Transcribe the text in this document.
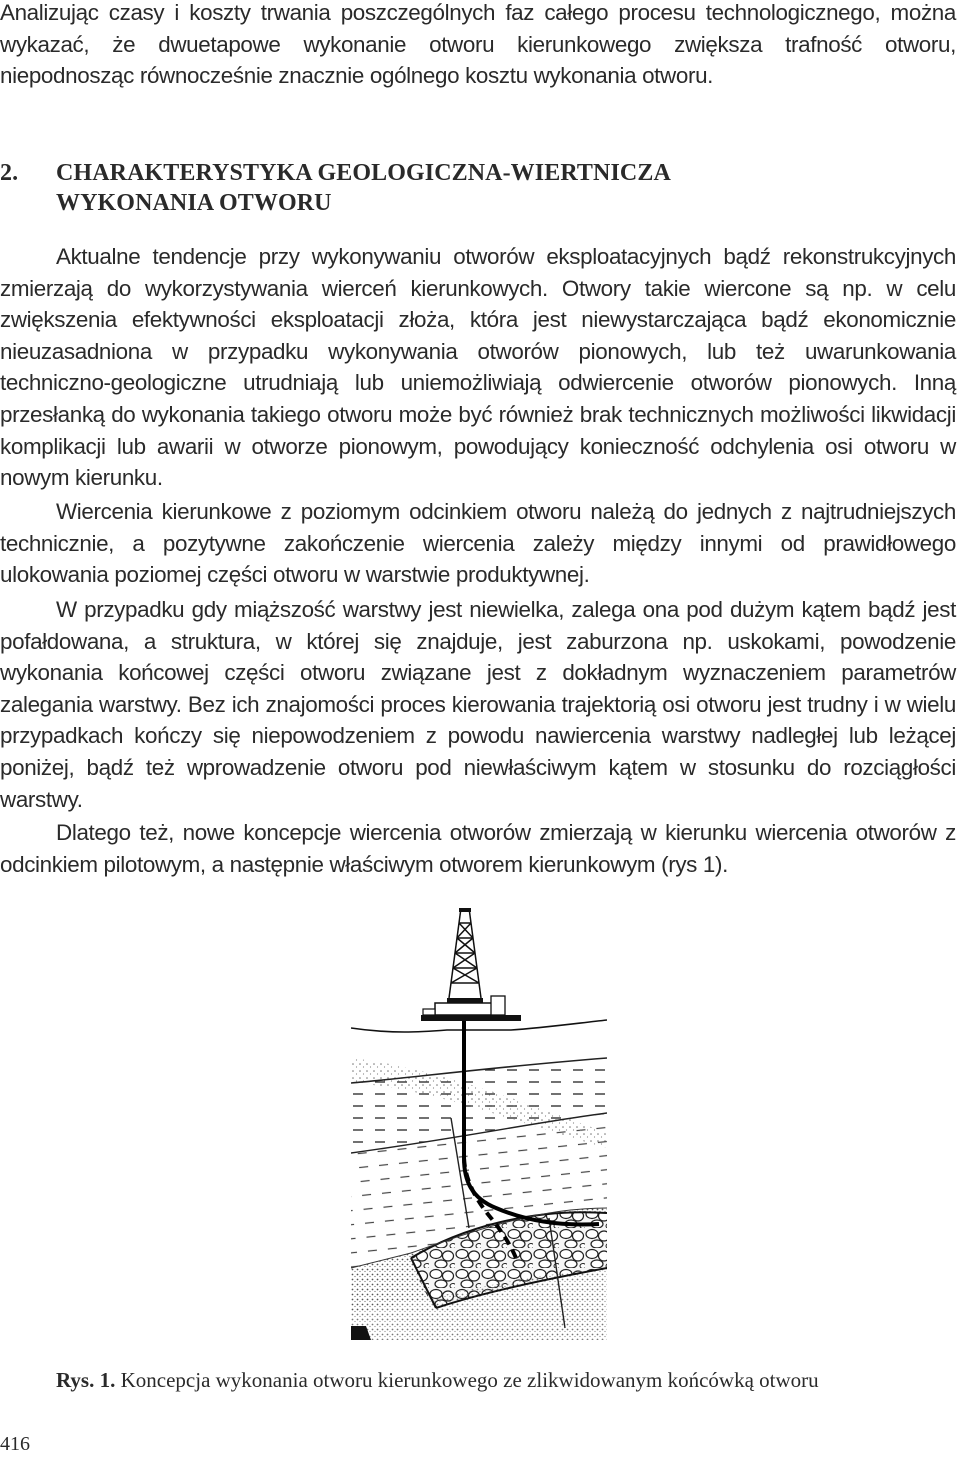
Analizując czasy i koszty trwania poszczególnych faz całego procesu technologicznego, można wykazać, że dwuetapowe wykonanie otworu kierunkowego zwiększa trafność otworu, niepodnosząc równocześnie znacznie ogólnego kosztu wykonania otworu.

2. CHARAKTERYSTYKA GEOLOGICZNA-WIERTNICZA
WYKONANIA OTWORU

Aktualne tendencje przy wykonywaniu otworów eksploatacyjnych bądź rekonstrukcyjnych zmierzają do wykorzystywania wierceń kierunkowych. Otwory takie wiercone są np. w celu zwiększenia efektywności eksploatacji złoża, która jest niewystarczająca bądź ekonomicznie nieuzasadniona w przypadku wykonywania otworów pionowych, lub też uwarunkowania techniczno-geologiczne utrudniają lub uniemożliwiają odwiercenie otworów pionowych. Inną przesłanką do wykonania takiego otworu może być również brak technicznych możliwości likwidacji komplikacji lub awarii w otworze pionowym, powodujący konieczność odchylenia osi otworu w nowym kierunku.

Wiercenia kierunkowe z poziomym odcinkiem otworu należą do jednych z najtrudniejszych technicznie, a pozytywne zakończenie wiercenia zależy między innymi od prawidłowego ulokowania poziomej części otworu w warstwie produktywnej.

W przypadku gdy miąższość warstwy jest niewielka, zalega ona pod dużym kątem bądź jest pofałdowana, a struktura, w której się znajduje, jest zaburzona np. uskokami, powodzenie wykonania końcowej części otworu związane jest z dokładnym wyznaczeniem parametrów zalegania warstwy. Bez ich znajomości proces kierowania trajektorią osi otworu jest trudny i w wielu przypadkach kończy się niepowodzeniem z powodu nawiercenia warstwy nadległej lub leżącej poniżej, bądź też wprowadzenie otworu pod niewłaściwym kątem w stosunku do rozciągłości warstwy.

Dlatego też, nowe koncepcje wiercenia otworów zmierzają w kierunku wiercenia otworów z odcinkiem pilotowym, a następnie właściwym otworem kierunkowym (rys 1).

Rys. 1. Koncepcja wykonania otworu kierunkowego ze zlikwidowanym końcówką otworu

416
